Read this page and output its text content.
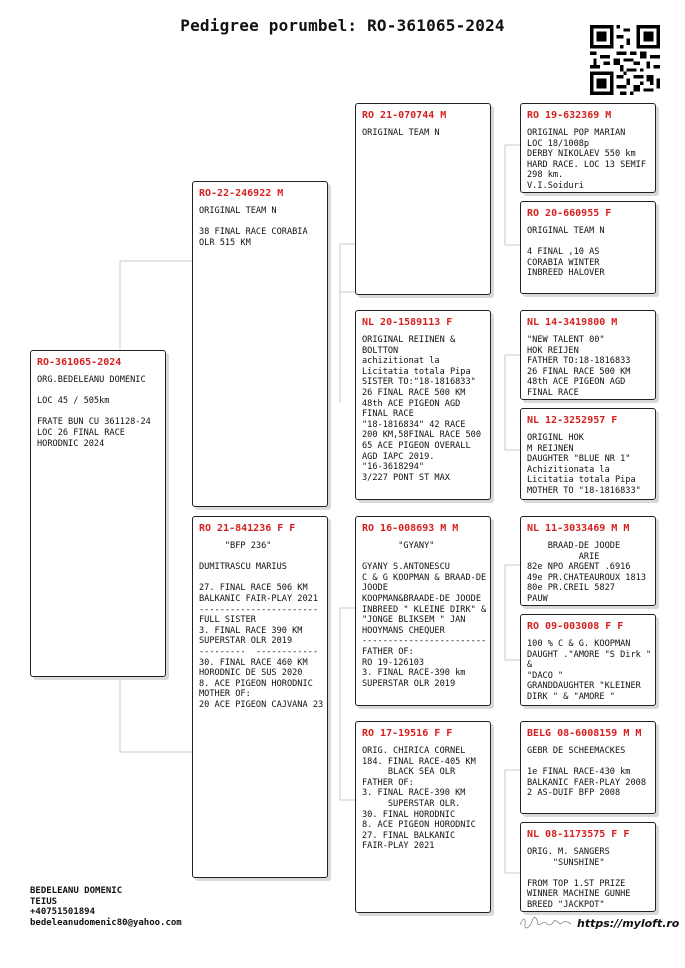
Pedigree porumbel: RO-361065-2024
RO-361065-2024
ORG.BEDELEANU DOMENIC

LOC 45 / 505km

FRATE BUN CU 361128-24
LOC 26 FINAL RACE
HORODNIC 2024
RO-22-246922 M
ORIGINAL TEAM N

38 FINAL RACE CORABIA
OLR 515 KM
RO 21-841236 F F
"BFP 236"

DUMITRASCU MARIUS

27. FINAL RACE 506 KM
BALKANIC FAIR-PLAY 2021
-----------------------
FULL SISTER
3. FINAL RACE 390 KM
SUPERSTAR OLR 2019
---------  ------------
30. FINAL RACE 460 KM
HORODNIC DE SUS 2020
8. ACE PIGEON HORODNIC
MOTHER OF:
20 ACE PIGEON CAJVANA 23
RO 21-070744 M
ORIGINAL TEAM N
NL 20-1589113 F
ORIGINAL REIINEN &
BOLTTON
achizitionat la
Licitatia totala Pipa
SISTER TO:"18-1816833"
26 FINAL RACE 500 KM
48th ACE PIGEON AGD
FINAL RACE
"18-1816834" 42 RACE
200 KM,58FINAL RACE 500
65 ACE PIGEON OVERALL
AGD IAPC 2019.
"16-3618294"
3/227 PONT ST MAX
RO 16-008693 M M
"GYANY"

GYANY S.ANTONESCU
C & G KOOPMAN & BRAAD-DE
JOODE
KOOPMAN&BRAADE-DE JOODE
INBREED " KLEINE DIRK" &
"JONGE BLIKSEM " JAN
HOOYMANS CHEQUER
------------------------
FATHER OF:
RO 19-126103
3. FINAL RACE-390 km
SUPERSTAR OLR 2019
RO 17-19516 F F
ORIG. CHIRICA CORNEL
184. FINAL RACE-405 KM
BLACK SEA OLR
FATHER OF:
3. FINAL RACE-390 KM
SUPERSTAR OLR.
30. FINAL HORODNIC
8. ACE PIGEON HORODNIC
27. FINAL BALKANIC
FAIR-PLAY 2021
RO 19-632369 M
ORIGINAL POP MARIAN
LOC 18/1008p
DERBY NIKOLAEV 550 km
HARD RACE. LOC 13 SEMIF
298 km.
V.I.Soiduri
RO 20-660955 F
ORIGINAL TEAM N

4 FINAL ,10 AS
CORABIA WINTER
INBREED HALOVER
NL 14-3419800 M
"NEW TALENT 00"
HOK REIJEN
FATHER TO:18-1816833
26 FINAL RACE 500 KM
48th ACE PIGEON AGD
FINAL RACE
NL 12-3252957 F
ORIGINL HOK
M REIJNEN
DAUGHTER "BLUE NR 1"
Achizitionata la
Licitatia totala Pipa
MOTHER TO "18-1816833"
NL 11-3033469 M M
BRAAD-DE JOODE
ARIE
82e NPO ARGENT .6916
49e PR.CHATEAUROUX 1813
80e PR.CREIL 5827
PAUW
RO 09-003008 F F
100 % C & G. KOOPMAN
DAUGHT ."AMORE "S Dirk "
&
"DACO "
GRANDDAUGHTER "KLEINER
DIRK " & "AMORE "
BELG 08-6008159 M M
GEBR DE SCHEEMACKES

1e FINAL RACE-430 km
BALKANIC FAER-PLAY 2008
2 AS-DUIF BFP 2008
NL 08-1173575 F F
ORIG. M. SANGERS
"SUNSHINE"

FROM TOP 1.ST PRIZE
WINNER MACHINE GUNHE
BREED "JACKPOT"
BEDELEANU DOMENIC
TEIUS
+40751501894
bedeleanudomenic80@yahoo.com	https://myloft.ro
